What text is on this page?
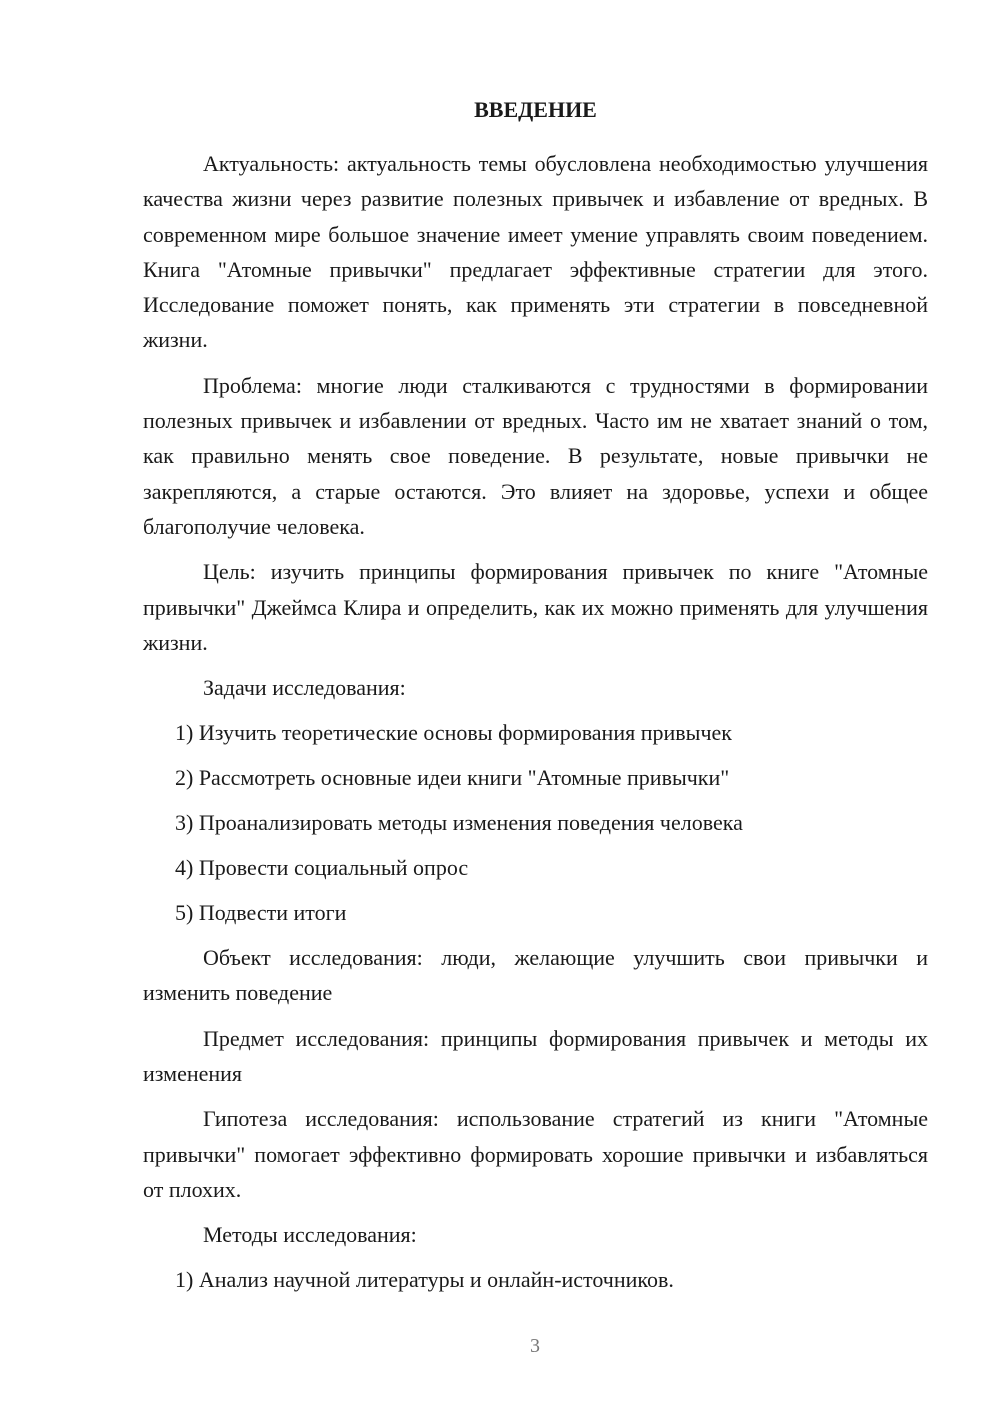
ВВЕДЕНИЕ

Актуальность: актуальность темы обусловлена необходимостью улучшения качества жизни через развитие полезных привычек и избавление от вредных. В современном мире большое значение имеет умение управлять своим поведением. Книга "Атомные привычки" предлагает эффективные стратегии для этого. Исследование поможет понять, как применять эти стратегии в повседневной жизни.

Проблема: многие люди сталкиваются с трудностями в формировании полезных привычек и избавлении от вредных. Часто им не хватает знаний о том, как правильно менять свое поведение. В результате, новые привычки не закрепляются, а старые остаются. Это влияет на здоровье, успехи и общее благополучие человека.

Цель: изучить принципы формирования привычек по книге "Атомные привычки" Джеймса Клира и определить, как их можно применять для улучшения жизни.

Задачи исследования:
1) Изучить теоретические основы формирования привычек
2) Рассмотреть основные идеи книги "Атомные привычки"
3) Проанализировать методы изменения поведения человека
4) Провести социальный опрос
5) Подвести итоги

Объект исследования: люди, желающие улучшить свои привычки и изменить поведение

Предмет исследования: принципы формирования привычек и методы их изменения

Гипотеза исследования: использование стратегий из книги "Атомные привычки" помогает эффективно формировать хорошие привычки и избавляться от плохих.

Методы исследования:
1) Анализ научной литературы и онлайн-источников.
3
